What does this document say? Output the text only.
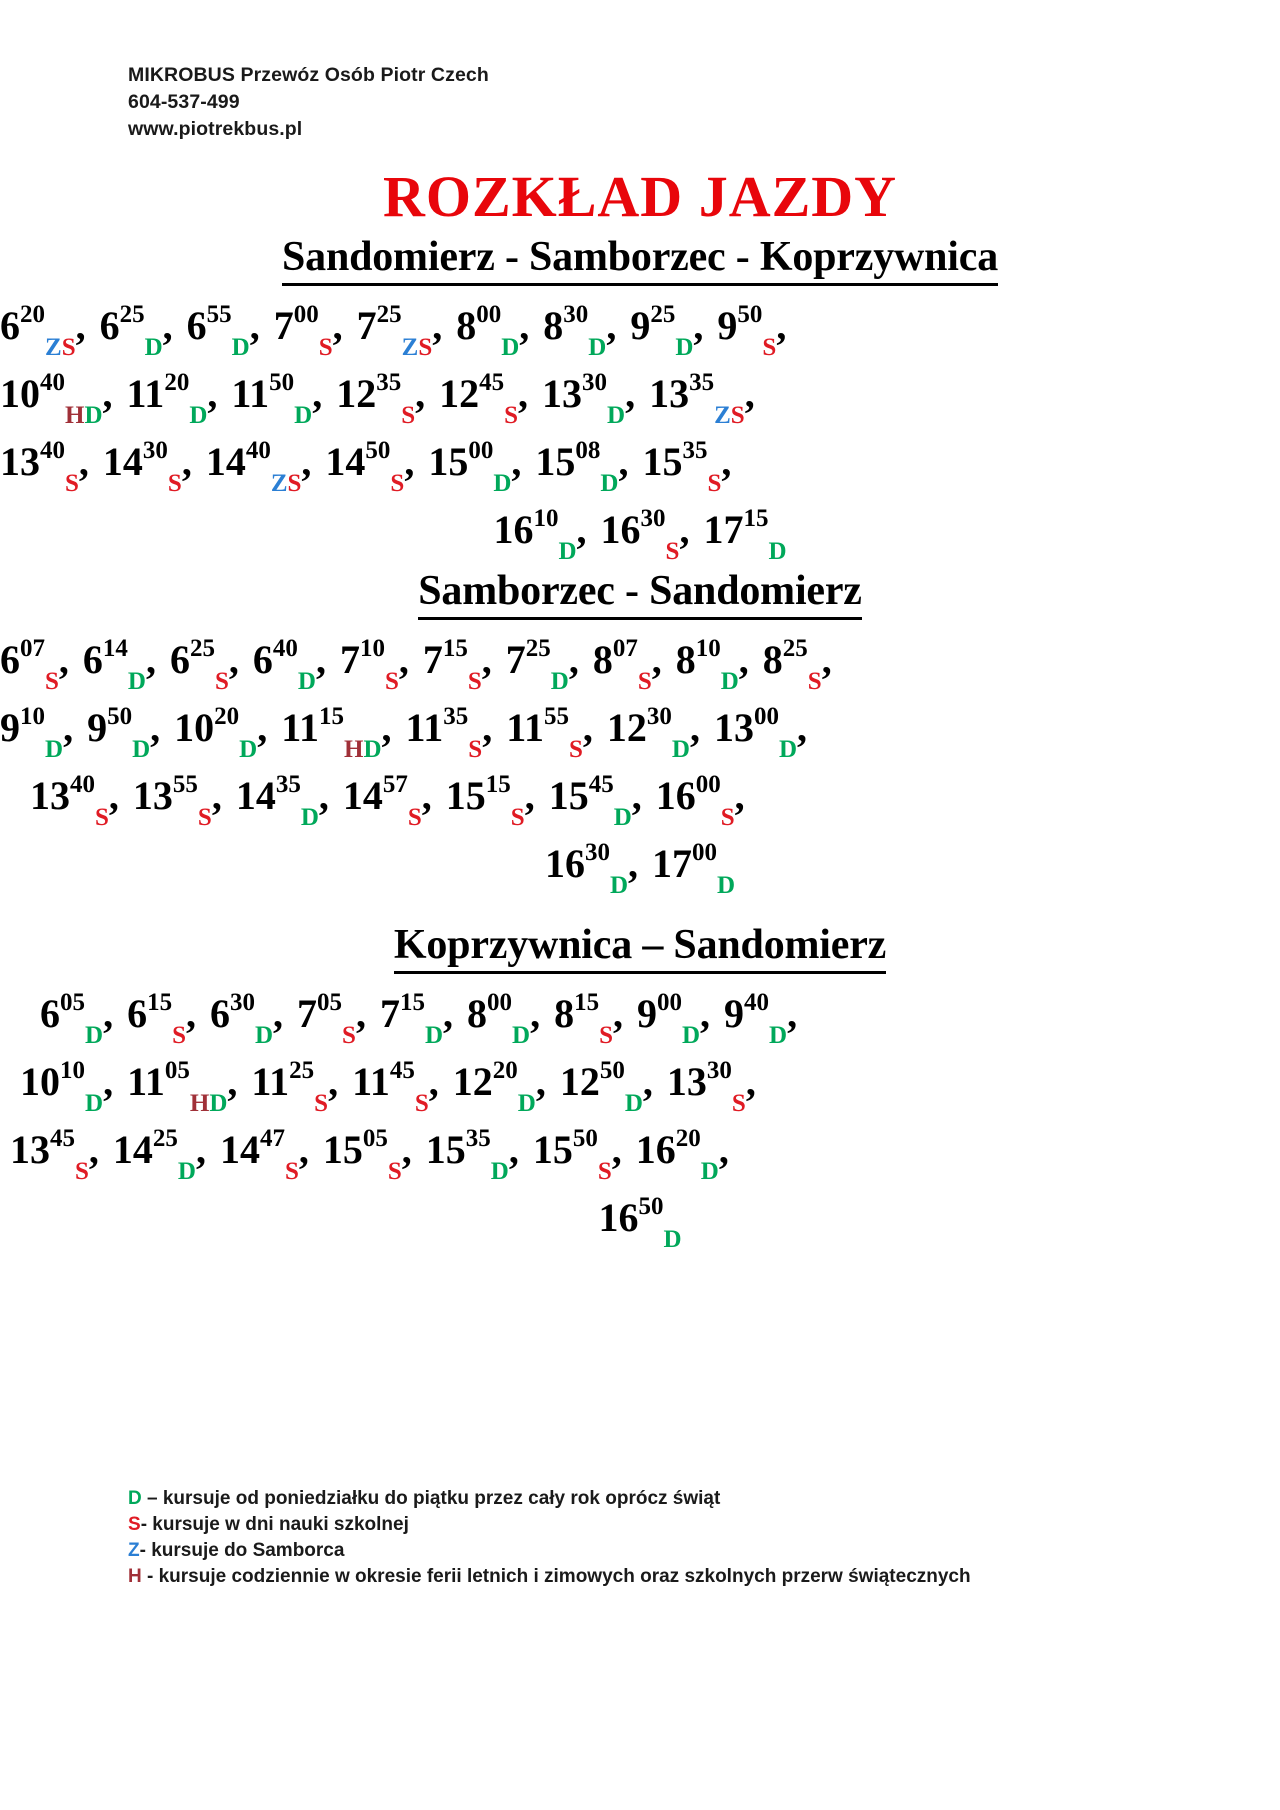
MIKROBUS Przewóz Osób Piotr Czech
604-537-499
www.piotrekbus.pl
ROZKŁAD JAZDY
Sandomierz - Samborzec - Koprzywnica
$6^{20}_{ZS}$, $6^{25}_D$, $6^{55}_D$, $7^{00}_S$, $7^{25}_{ZS}$, $8^{00}_D$, $8^{30}_D$, $9^{25}_D$, $9^{50}_S$,
$10^{40}_{HD}$, $11^{20}_D$, $11^{50}_D$, $12^{35}_S$, $12^{45}_S$, $13^{30}_D$, $13^{35}_{ZS}$,
$13^{40}_S$, $14^{30}_S$, $14^{40}_{ZS}$, $14^{50}_S$, $15^{00}_D$, $15^{08}_D$, $15^{35}_S$,
$16^{10}_D$, $16^{30}_S$, $17^{15}_D$
Samborzec - Sandomierz
$6^{07}_S$, $6^{14}_D$, $6^{25}_S$, $6^{40}_D$, $7^{10}_S$, $7^{15}_S$, $7^{25}_D$, $8^{07}_S$, $8^{10}_D$, $8^{25}_S$,
$9^{10}_D$, $9^{50}_D$, $10^{20}_D$, $11^{15}_{HD}$, $11^{35}_S$, $11^{55}_S$, $12^{30}_D$, $13^{00}_D$,
$13^{40}_S$, $13^{55}_S$, $14^{35}_D$, $14^{57}_S$, $15^{15}_S$, $15^{45}_D$, $16^{00}_S$,
$16^{30}_D$, $17^{00}_D$
Koprzywnica – Sandomierz
$6^{05}_D$, $6^{15}_S$, $6^{30}_D$, $7^{05}_S$, $7^{15}_D$, $8^{00}_D$, $8^{15}_S$, $9^{00}_D$, $9^{40}_D$,
$10^{10}_D$, $11^{05}_{HD}$, $11^{25}_S$, $11^{45}_S$, $12^{20}_D$, $12^{50}_D$, $13^{30}_S$,
$13^{45}_S$, $14^{25}_D$, $14^{47}_S$, $15^{05}_S$, $15^{35}_D$, $15^{50}_S$, $16^{20}_D$,
$16^{50}_D$

D – kursuje od poniedziałku do piątku przez cały rok oprócz świąt

S- kursuje w dni nauki szkolnej

Z- kursuje do Samborca

H - kursuje codziennie w okresie ferii letnich i zimowych oraz szkolnych przerw świątecznych
